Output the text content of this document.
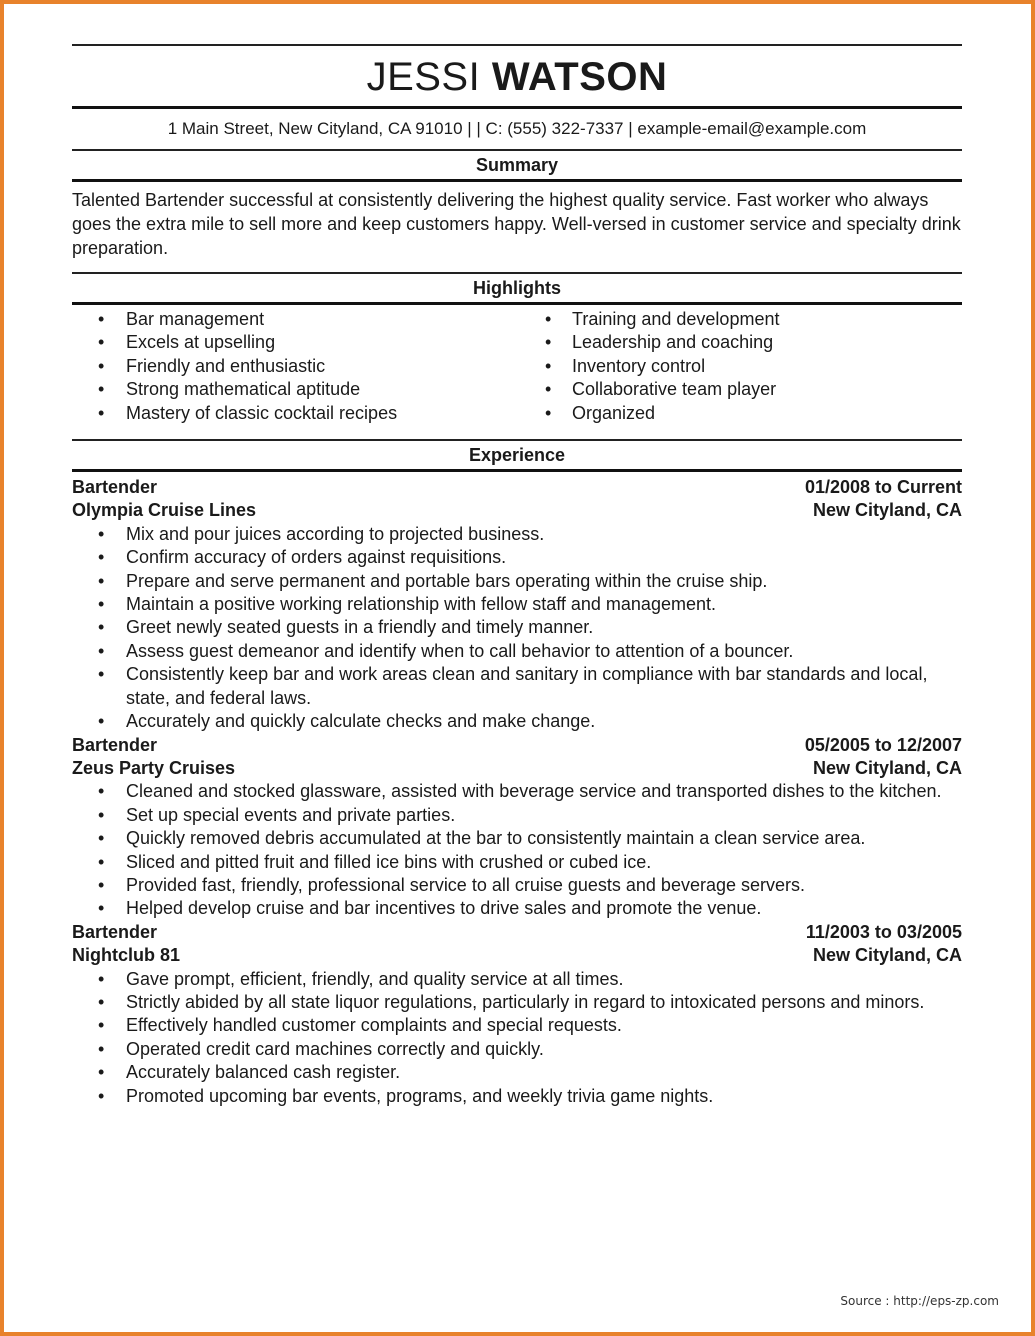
JESSI WATSON
1 Main Street, New Cityland, CA 91010 | | C: (555) 322-7337 | example-email@example.com
Summary
Talented Bartender successful at consistently delivering the highest quality service. Fast worker who always goes the extra mile to sell more and keep customers happy. Well-versed in customer service and specialty drink preparation.
Highlights
• Bar management
• Excels at upselling
• Friendly and enthusiastic
• Strong mathematical aptitude
• Mastery of classic cocktail recipes
• Training and development
• Leadership and coaching
• Inventory control
• Collaborative team player
• Organized
Experience
Bartender	01/2008 to Current
Olympia Cruise Lines	New Cityland, CA
• Mix and pour juices according to projected business.
• Confirm accuracy of orders against requisitions.
• Prepare and serve permanent and portable bars operating within the cruise ship.
• Maintain a positive working relationship with fellow staff and management.
• Greet newly seated guests in a friendly and timely manner.
• Assess guest demeanor and identify when to call behavior to attention of a bouncer.
• Consistently keep bar and work areas clean and sanitary in compliance with bar standards and local, state, and federal laws.
• Accurately and quickly calculate checks and make change.
Bartender	05/2005 to 12/2007
Zeus Party Cruises	New Cityland, CA
• Cleaned and stocked glassware, assisted with beverage service and transported dishes to the kitchen.
• Set up special events and private parties.
• Quickly removed debris accumulated at the bar to consistently maintain a clean service area.
• Sliced and pitted fruit and filled ice bins with crushed or cubed ice.
• Provided fast, friendly, professional service to all cruise guests and beverage servers.
• Helped develop cruise and bar incentives to drive sales and promote the venue.
Bartender	11/2003 to 03/2005
Nightclub 81	New Cityland, CA
• Gave prompt, efficient, friendly, and quality service at all times.
• Strictly abided by all state liquor regulations, particularly in regard to intoxicated persons and minors.
• Effectively handled customer complaints and special requests.
• Operated credit card machines correctly and quickly.
• Accurately balanced cash register.
• Promoted upcoming bar events, programs, and weekly trivia game nights.
Source : http://eps-zp.com
